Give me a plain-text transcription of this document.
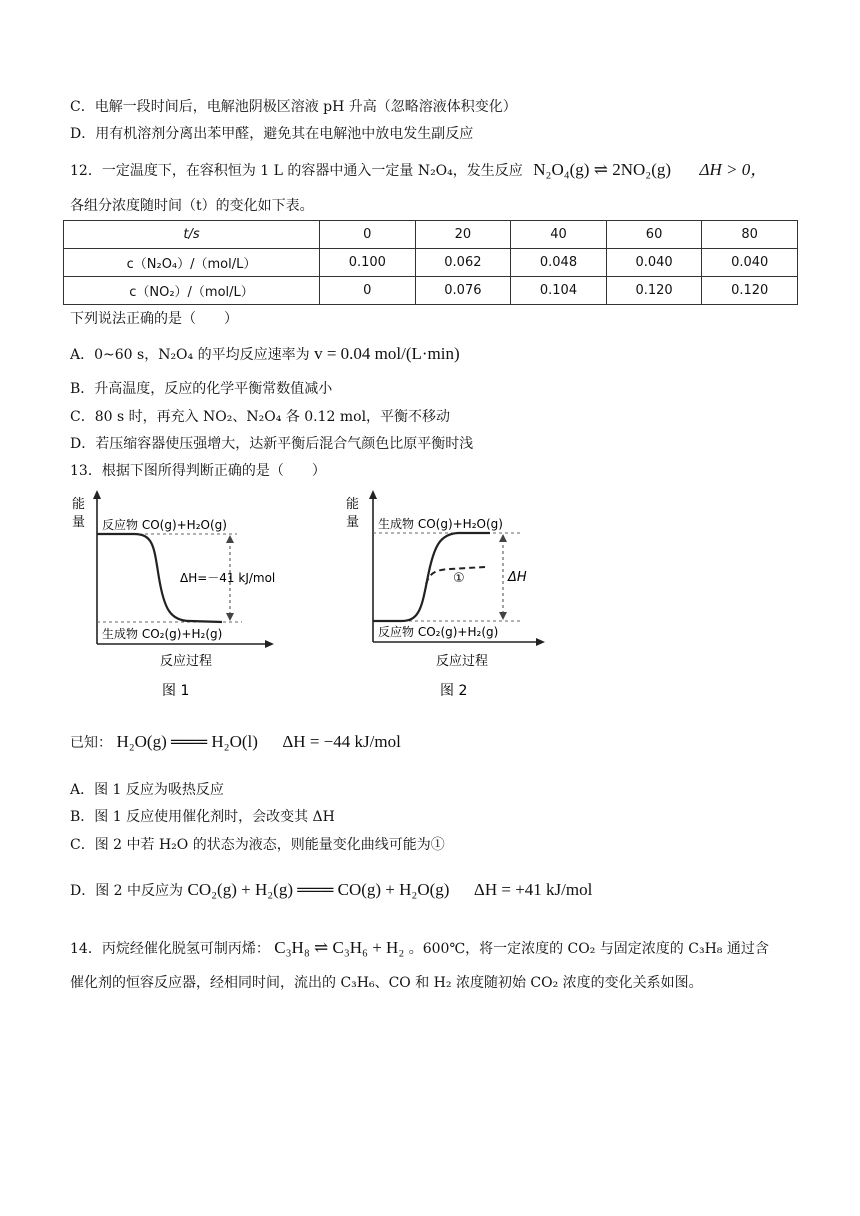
C．电解一段时间后，电解池阴极区溶液 pH 升高（忽略溶液体积变化）
D．用有机溶剂分离出苯甲醛，避免其在电解池中放电发生副反应
12．一定温度下，在容积恒为 1 L 的容器中通入一定量 N₂O₄，发生反应 N₂O₄(g) ⇌ 2NO₂(g) ΔH > 0，
各组分浓度随时间（t）的变化如下表。
t/s	0	20	40	60	80
c（N₂O₄）/（mol/L）	0.100	0.062	0.048	0.040	0.040
c（NO₂）/（mol/L）	0	0.076	0.104	0.120	0.120
下列说法正确的是（　　）
A．0~60 s，N₂O₄ 的平均反应速率为 v = 0.04 mol/(L·min)
B．升高温度，反应的化学平衡常数值减小
C．80 s 时，再充入 NO₂、N₂O₄ 各 0.12 mol，平衡不移动
D．若压缩容器使压强增大，达新平衡后混合气颜色比原平衡时浅
13．根据下图所得判断正确的是（　　）
能
量 反应物 CO(g)+H₂O(g)
生成物 CO₂(g)+H₂(g)
ΔH=－41 kJ/mol
反应过程
图 1
能
量
①
生成物 CO(g)+H₂O(g)
反应物 CO₂(g)+H₂(g)
ΔH
反应过程
图 2
已知： H₂O(g) ═══ H₂O(l) ΔH = −44 kJ/mol
A．图 1 反应为吸热反应
B．图 1 反应使用催化剂时，会改变其 ΔH
C．图 2 中若 H₂O 的状态为液态，则能量变化曲线可能为①
D．图 2 中反应为 CO₂(g) + H₂(g) ═══ CO(g) + H₂O(g) ΔH = +41 kJ/mol
14．丙烷经催化脱氢可制丙烯： C₃H₈ ⇌ C₃H₆ + H₂ 。600℃，将一定浓度的 CO₂ 与固定浓度的 C₃H₈ 通过含
催化剂的恒容反应器，经相同时间，流出的 C₃H₆、CO 和 H₂ 浓度随初始 CO₂ 浓度的变化关系如图。
